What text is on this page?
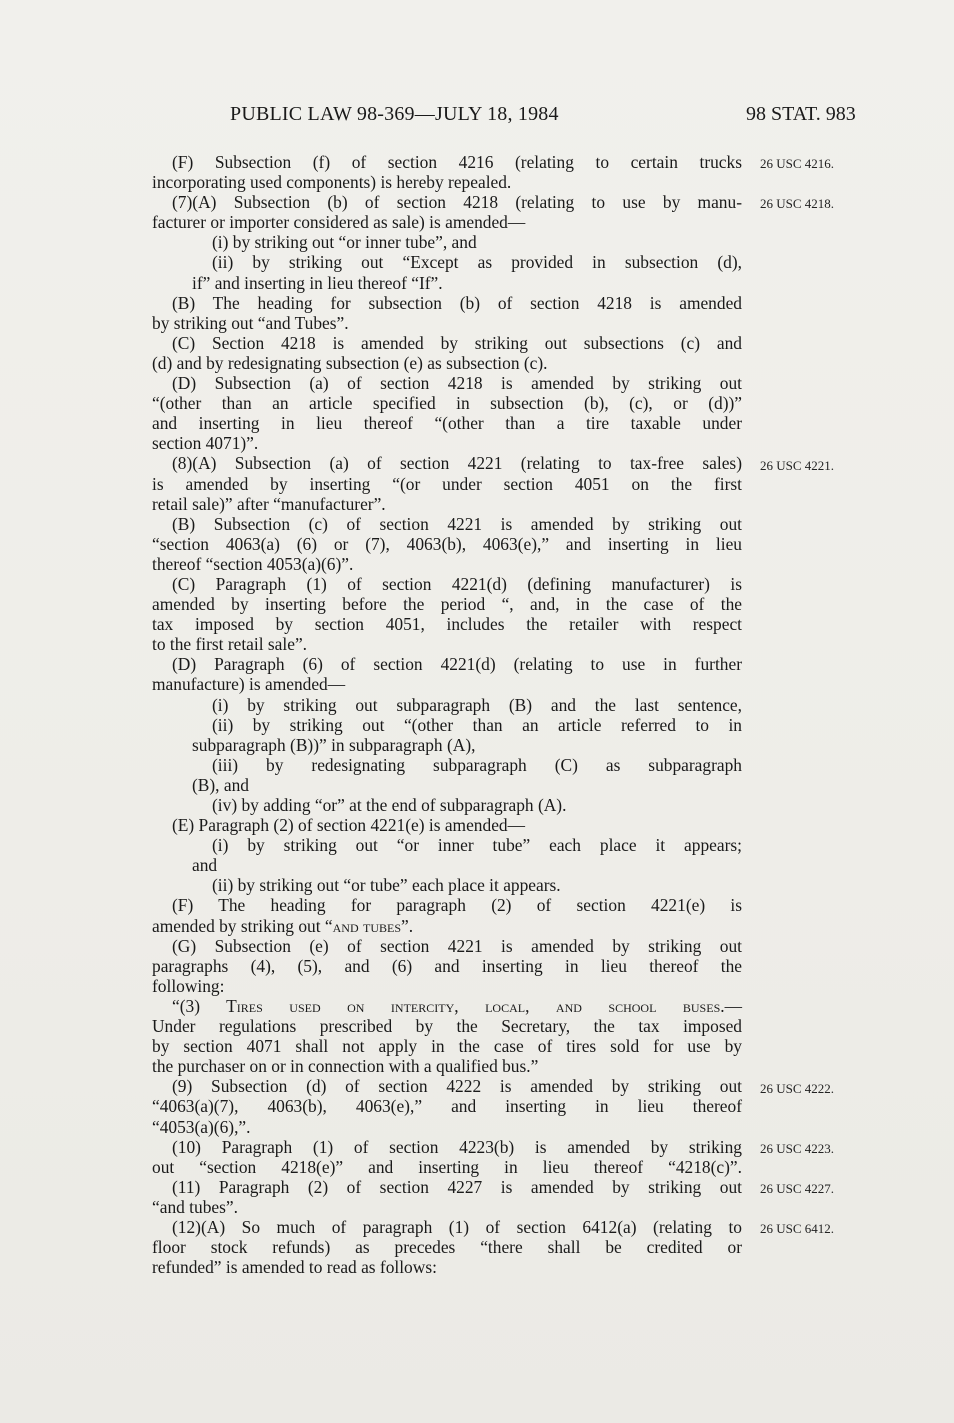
PUBLIC LAW 98-369—JULY 18, 1984	98 STAT. 983
(F) Subsection (f) of section 4216 (relating to certain trucks
incorporating used components) is hereby repealed.
(7)(A) Subsection (b) of section 4218 (relating to use by manu-
facturer or importer considered as sale) is amended—
(i) by striking out “or inner tube”, and
(ii) by striking out “Except as provided in subsection (d),
if” and inserting in lieu thereof “If”.
(B) The heading for subsection (b) of section 4218 is amended
by striking out “and Tubes”.
(C) Section 4218 is amended by striking out subsections (c) and
(d) and by redesignating subsection (e) as subsection (c).
(D) Subsection (a) of section 4218 is amended by striking out
“(other than an article specified in subsection (b), (c), or (d))”
and inserting in lieu thereof “(other than a tire taxable under
section 4071)”.
(8)(A) Subsection (a) of section 4221 (relating to tax-free sales)
is amended by inserting “(or under section 4051 on the first
retail sale)” after “manufacturer”.
(B) Subsection (c) of section 4221 is amended by striking out
“section 4063(a) (6) or (7), 4063(b), 4063(e),” and inserting in lieu
thereof “section 4053(a)(6)”.
(C) Paragraph (1) of section 4221(d) (defining manufacturer) is
amended by inserting before the period “, and, in the case of the
tax imposed by section 4051, includes the retailer with respect
to the first retail sale”.
(D) Paragraph (6) of section 4221(d) (relating to use in further
manufacture) is amended—
(i) by striking out subparagraph (B) and the last sentence,
(ii) by striking out “(other than an article referred to in
subparagraph (B))” in subparagraph (A),
(iii) by redesignating subparagraph (C) as subparagraph
(B), and
(iv) by adding “or” at the end of subparagraph (A).
(E) Paragraph (2) of section 4221(e) is amended—
(i) by striking out “or inner tube” each place it appears;
and
(ii) by striking out “or tube” each place it appears.
(F) The heading for paragraph (2) of section 4221(e) is
amended by striking out “and tubes”.
(G) Subsection (e) of section 4221 is amended by striking out
paragraphs (4), (5), and (6) and inserting in lieu thereof the
following:
“(3) Tires used on intercity, local, and school buses.—
Under regulations prescribed by the Secretary, the tax imposed
by section 4071 shall not apply in the case of tires sold for use by
the purchaser on or in connection with a qualified bus.”
(9) Subsection (d) of section 4222 is amended by striking out
“4063(a)(7), 4063(b), 4063(e),” and inserting in lieu thereof
“4053(a)(6),”.
(10) Paragraph (1) of section 4223(b) is amended by striking
out “section 4218(e)” and inserting in lieu thereof “4218(c)”.
(11) Paragraph (2) of section 4227 is amended by striking out
“and tubes”.
(12)(A) So much of paragraph (1) of section 6412(a) (relating to
floor stock refunds) as precedes “there shall be credited or
refunded” is amended to read as follows:
26 USC 4216.
26 USC 4218.
26 USC 4221.
26 USC 4222.
26 USC 4223.
26 USC 4227.
26 USC 6412.
